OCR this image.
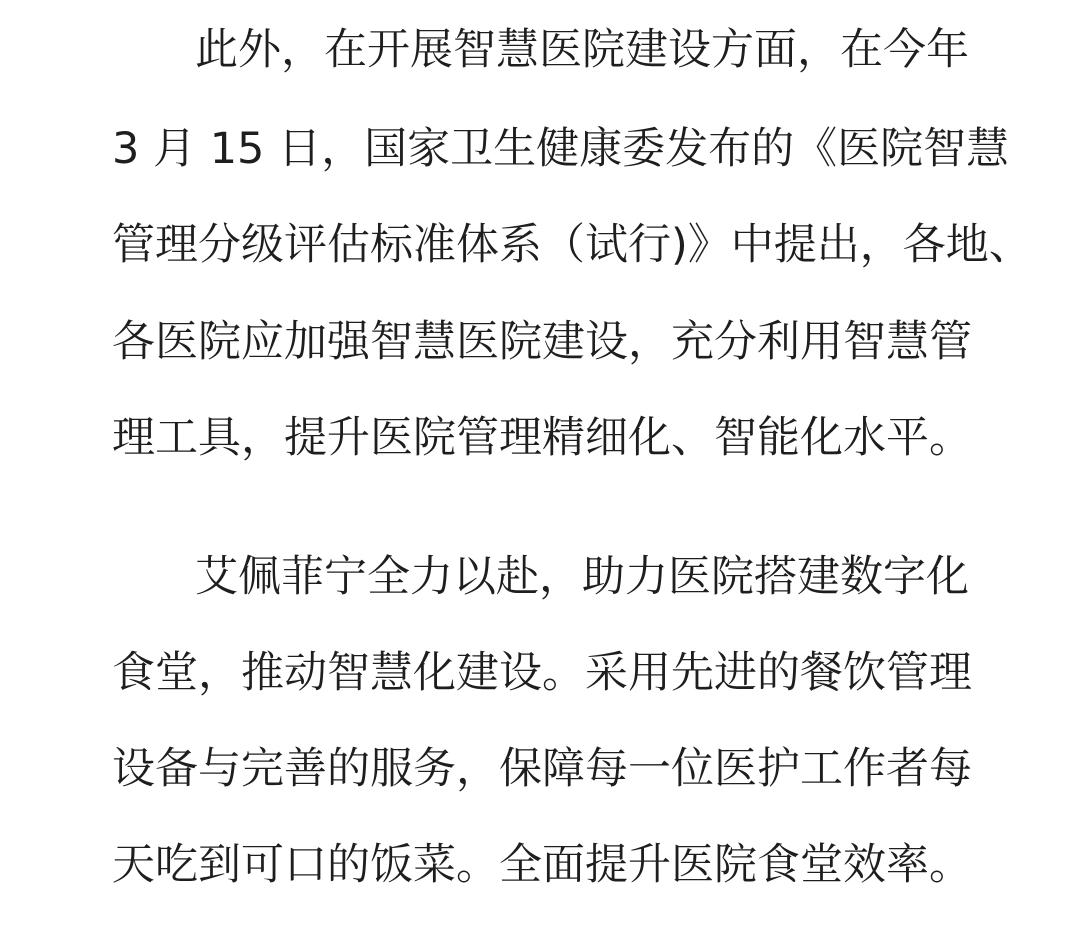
此外，在开展智慧医院建设方面，在今年
3 月 15 日，国家卫生健康委发布的《医院智慧
管理分级评估标准体系（试行)》中提出，各地、
各医院应加强智慧医院建设，充分利用智慧管
理工具，提升医院管理精细化、智能化水平。
艾佩菲宁全力以赴，助力医院搭建数字化
食堂，推动智慧化建设。采用先进的餐饮管理
设备与完善的服务，保障每一位医护工作者每
天吃到可口的饭菜。全面提升医院食堂效率。
